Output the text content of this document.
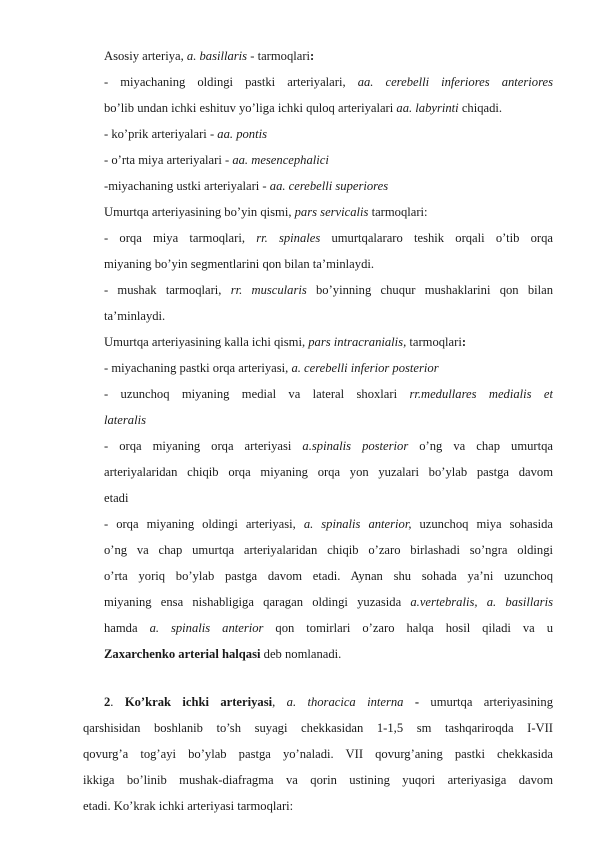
Asosiy arteriya, a. basillaris - tarmoqlari:
- miyachaning oldingi pastki arteriyalari, aa. cerebelli inferiores anteriores
bo’lib undan ichki eshituv yo’liga ichki quloq arteriyalari aa. labyrinti chiqadi.
- ko’prik arteriyalari - aa. pontis
- o’rta miya arteriyalari - aa. mesencephalici
-miyachaning ustki arteriyalari - aa. cerebelli superiores
Umurtqa arteriyasining bo’yin qismi, pars servicalis tarmoqlari:
- orqa miya tarmoqlari, rr. spinales umurtqalararo teshik orqali o’tib orqa
miyaning bo’yin segmentlarini qon bilan ta’minlaydi.
- mushak tarmoqlari, rr. muscularis bo’yinning chuqur mushaklarini qon bilan
ta’minlaydi.
Umurtqa arteriyasining kalla ichi qismi, pars intracranialis, tarmoqlari:
- miyachaning pastki orqa arteriyasi, a. cerebelli inferior posterior
- uzunchoq miyaning medial va lateral shoxlari rr.medullares medialis et
lateralis
- orqa miyaning orqa arteriyasi a.spinalis posterior o’ng va chap umurtqa
arteriyalaridan chiqib orqa miyaning orqa yon yuzalari bo’ylab pastga davom
etadi
- orqa miyaning oldingi arteriyasi, a. spinalis anterior, uzunchoq miya sohasida
o’ng va chap umurtqa arteriyalaridan chiqib o’zaro birlashadi so’ngra oldingi
o’rta yoriq bo’ylab pastga davom etadi. Aynan shu sohada ya’ni uzunchoq
miyaning ensa nishabligiga qaragan oldingi yuzasida a.vertebralis, a. basillaris
hamda a. spinalis anterior qon tomirlari o’zaro halqa hosil qiladi va u
Zaxarchenko arterial halqasi deb nomlanadi.
2. Ko’krak ichki arteriyasi, a. thoracica interna - umurtqa arteriyasining
qarshisidan boshlanib to’sh suyagi chekkasidan 1-1,5 sm tashqariroqda I-VII
qovurg’a tog’ayi bo’ylab pastga yo’naladi. VII qovurg’aning pastki chekkasida
ikkiga bo’linib mushak-diafragma va qorin ustining yuqori arteriyasiga davom
etadi. Ko’krak ichki arteriyasi tarmoqlari:
